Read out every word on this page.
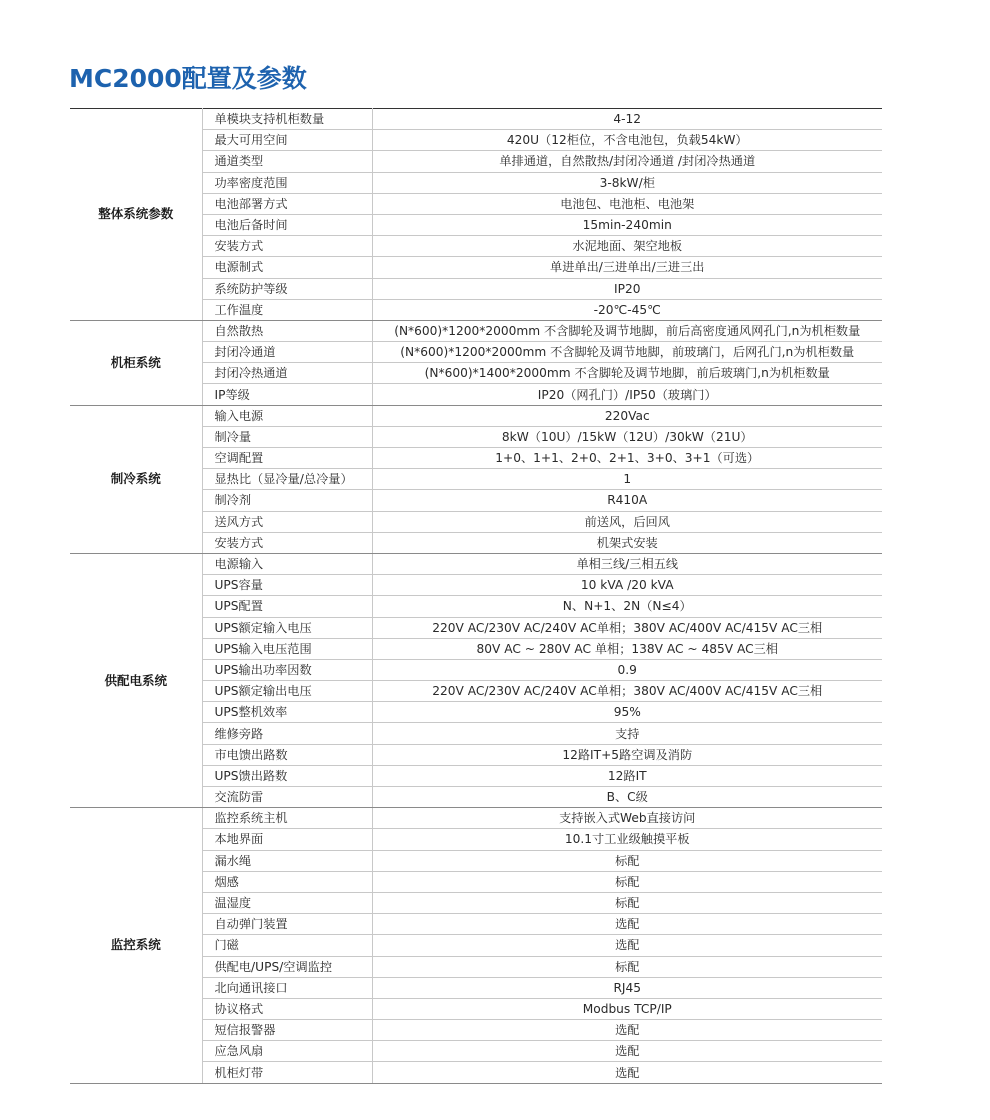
MC2000配置及参数
整体系统参数	单模块支持机柜数量	4-12
	最大可用空间	420U（12柜位，不含电池包，负载54kW）
	通道类型	单排通道，自然散热/封闭冷通道 /封闭冷热通道
	功率密度范围	3-8kW/柜
	电池部署方式	电池包、电池柜、电池架
	电池后备时间	15min-240min
	安装方式	水泥地面、架空地板
	电源制式	单进单出/三进单出/三进三出
	系统防护等级	IP20
	工作温度	-20℃-45℃
机柜系统	自然散热	(N*600)*1200*2000mm 不含脚轮及调节地脚，前后高密度通风网孔门,n为机柜数量
	封闭冷通道	(N*600)*1200*2000mm 不含脚轮及调节地脚，前玻璃门，后网孔门,n为机柜数量
	封闭冷热通道	(N*600)*1400*2000mm 不含脚轮及调节地脚，前后玻璃门,n为机柜数量
	IP等级	IP20（网孔门）/IP50（玻璃门）
制冷系统	输入电源	220Vac
	制冷量	8kW（10U）/15kW（12U）/30kW（21U）
	空调配置	1+0、1+1、2+0、2+1、3+0、3+1（可选）
	显热比（显冷量/总冷量）	1
	制冷剂	R410A
	送风方式	前送风，后回风
	安装方式	机架式安装
供配电系统	电源输入	单相三线/三相五线
	UPS容量	10 kVA /20 kVA
	UPS配置	N、N+1、2N（N≤4）
	UPS额定输入电压	220V AC/230V AC/240V AC单相；380V AC/400V AC/415V AC三相
	UPS输入电压范围	80V AC ~ 280V AC 单相；138V AC ~ 485V AC三相
	UPS输出功率因数	0.9
	UPS额定输出电压	220V AC/230V AC/240V AC单相；380V AC/400V AC/415V AC三相
	UPS整机效率	95%
	维修旁路	支持
	市电馈出路数	12路IT+5路空调及消防
	UPS馈出路数	12路IT
	交流防雷	B、C级
监控系统	监控系统主机	支持嵌入式Web直接访问
	本地界面	10.1寸工业级触摸平板
	漏水绳	标配
	烟感	标配
	温湿度	标配
	自动弹门装置	选配
	门磁	选配
	供配电/UPS/空调监控	标配
	北向通讯接口	RJ45
	协议格式	Modbus TCP/IP
	短信报警器	选配
	应急风扇	选配
	机柜灯带	选配
